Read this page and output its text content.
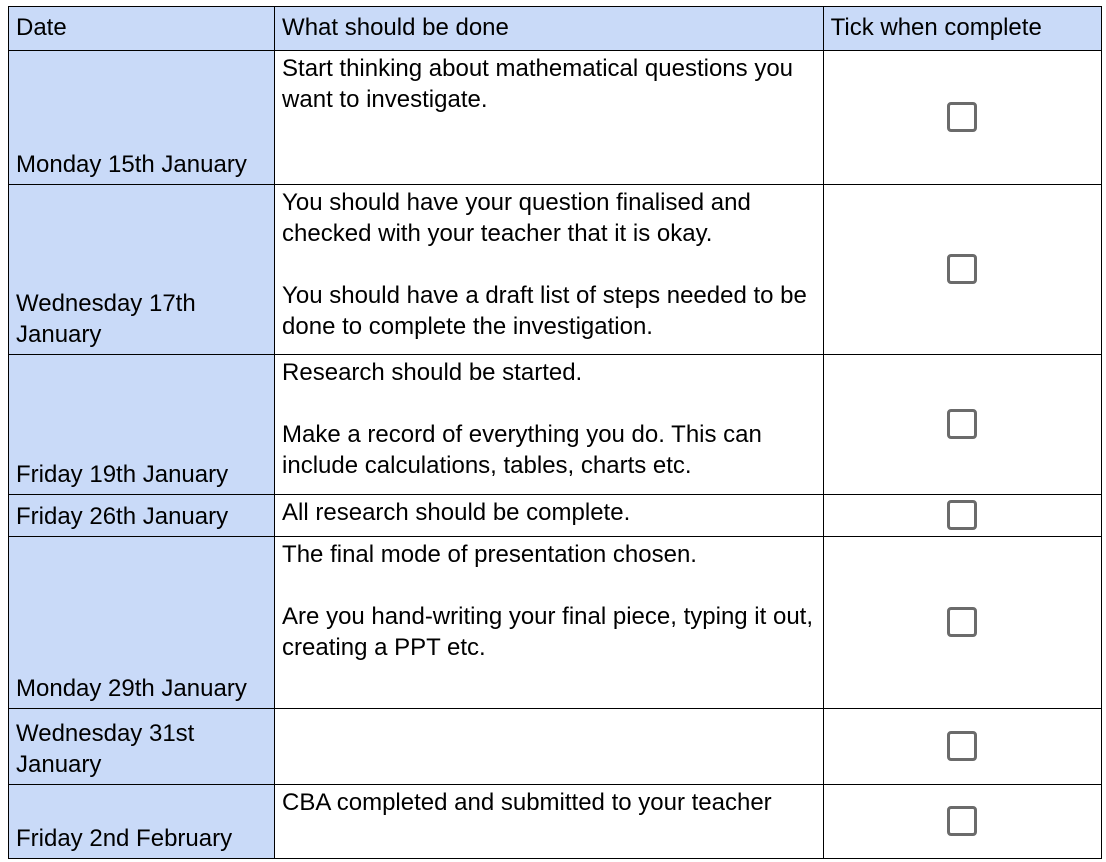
Date	What should be done	Tick when complete
Monday 15th January	Start thinking about mathematical questions you want to investigate.	

Wednesday 17th January	You should have your question finalised and checked with your teacher that it is okay.
You should have a draft list of steps needed to be done to complete the investigation.	

Friday 19th January	Research should be started.
Make a record of everything you do. This can include calculations, tables, charts etc.	

Friday 26th January	All research should be complete.	

Monday 29th January	The final mode of presentation chosen.
Are you hand-writing your final piece, typing it out, creating a PPT etc.	

Wednesday 31st January		
Friday 2nd February	CBA completed and submitted to your teacher	
